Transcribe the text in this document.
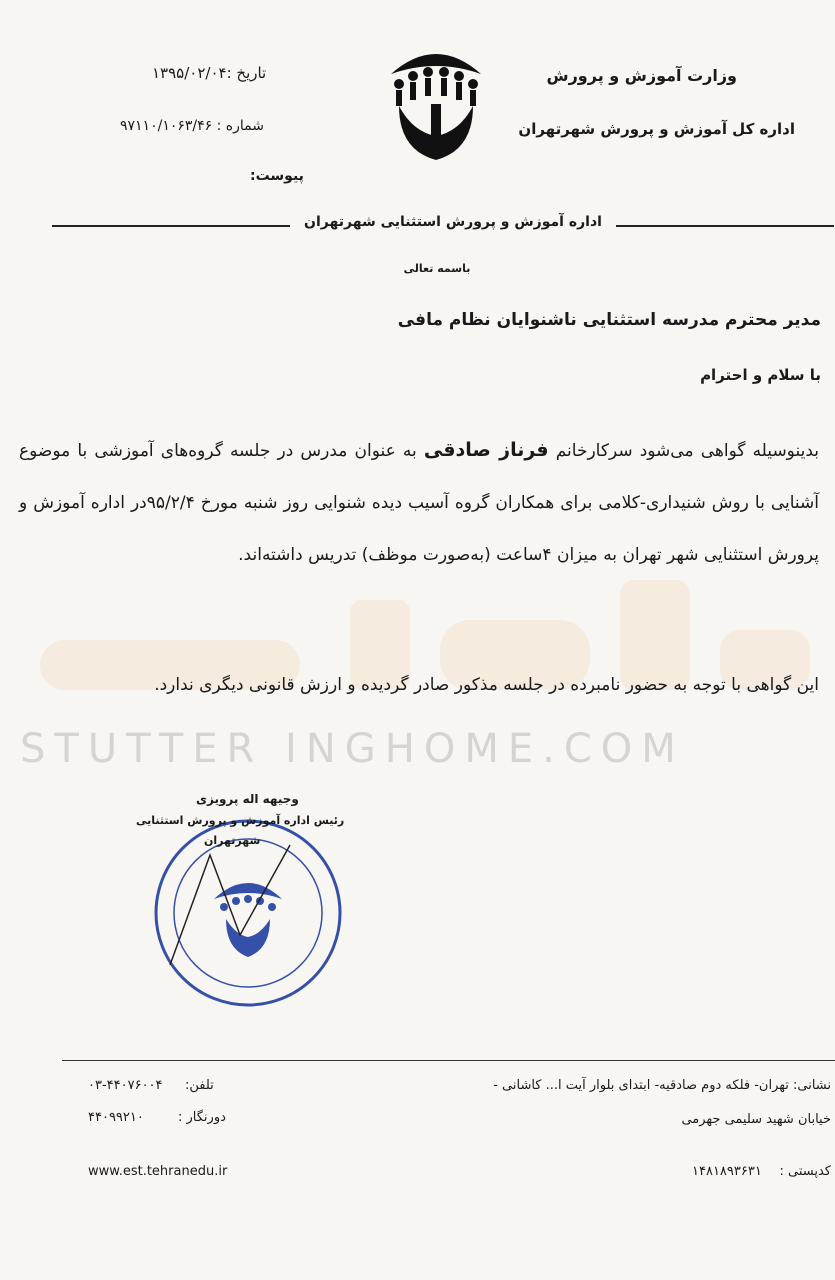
وزارت آموزش و پرورش
اداره کل آموزش و پرورش شهرتهران
تاریخ :۱۳۹۵/۰۲/۰۴
شماره : ۹۷۱۱۰/۱۰۶۳/۴۶
پیوست:
اداره آموزش و پرورش استثنایی شهرتهران
باسمه تعالی
مدیر محترم مدرسه استثنایی ناشنوایان نظام مافی
با سلام و احترام
STUTTER INGHOME.COM
بدینوسیله گواهی می‌شود سرکارخانم فرناز صادقی به عنوان مدرس در جلسه گروه‌های آموزشی با موضوع آشنایی با روش شنیداری-کلامی برای همکاران گروه آسیب دیده شنوایی روز شنبه مورخ ۹۵/۲/۴در اداره آموزش و پرورش استثنایی شهر تهران به میزان ۴ساعت (به‌صورت موظف) تدریس داشته‌اند.
این گواهی با توجه به حضور نامبرده در جلسه مذکور صادر گردیده و ارزش قانونی دیگری ندارد.
وجیهه اله پرویزی
رئیس اداره آموزش و پرورش استثنایی
شهرتهران
تلفن:
۰۳-۴۴۰۷۶۰۰۴
دورنگار :
۴۴۰۹۹۲۱۰
www.est.tehranedu.ir
نشانی: تهران- فلکه دوم صادقیه- ابتدای بلوار آیت ا... کاشانی -
خیابان شهید سلیمی جهرمی
کدپستی :
۱۴۸۱۸۹۳۶۳۱
